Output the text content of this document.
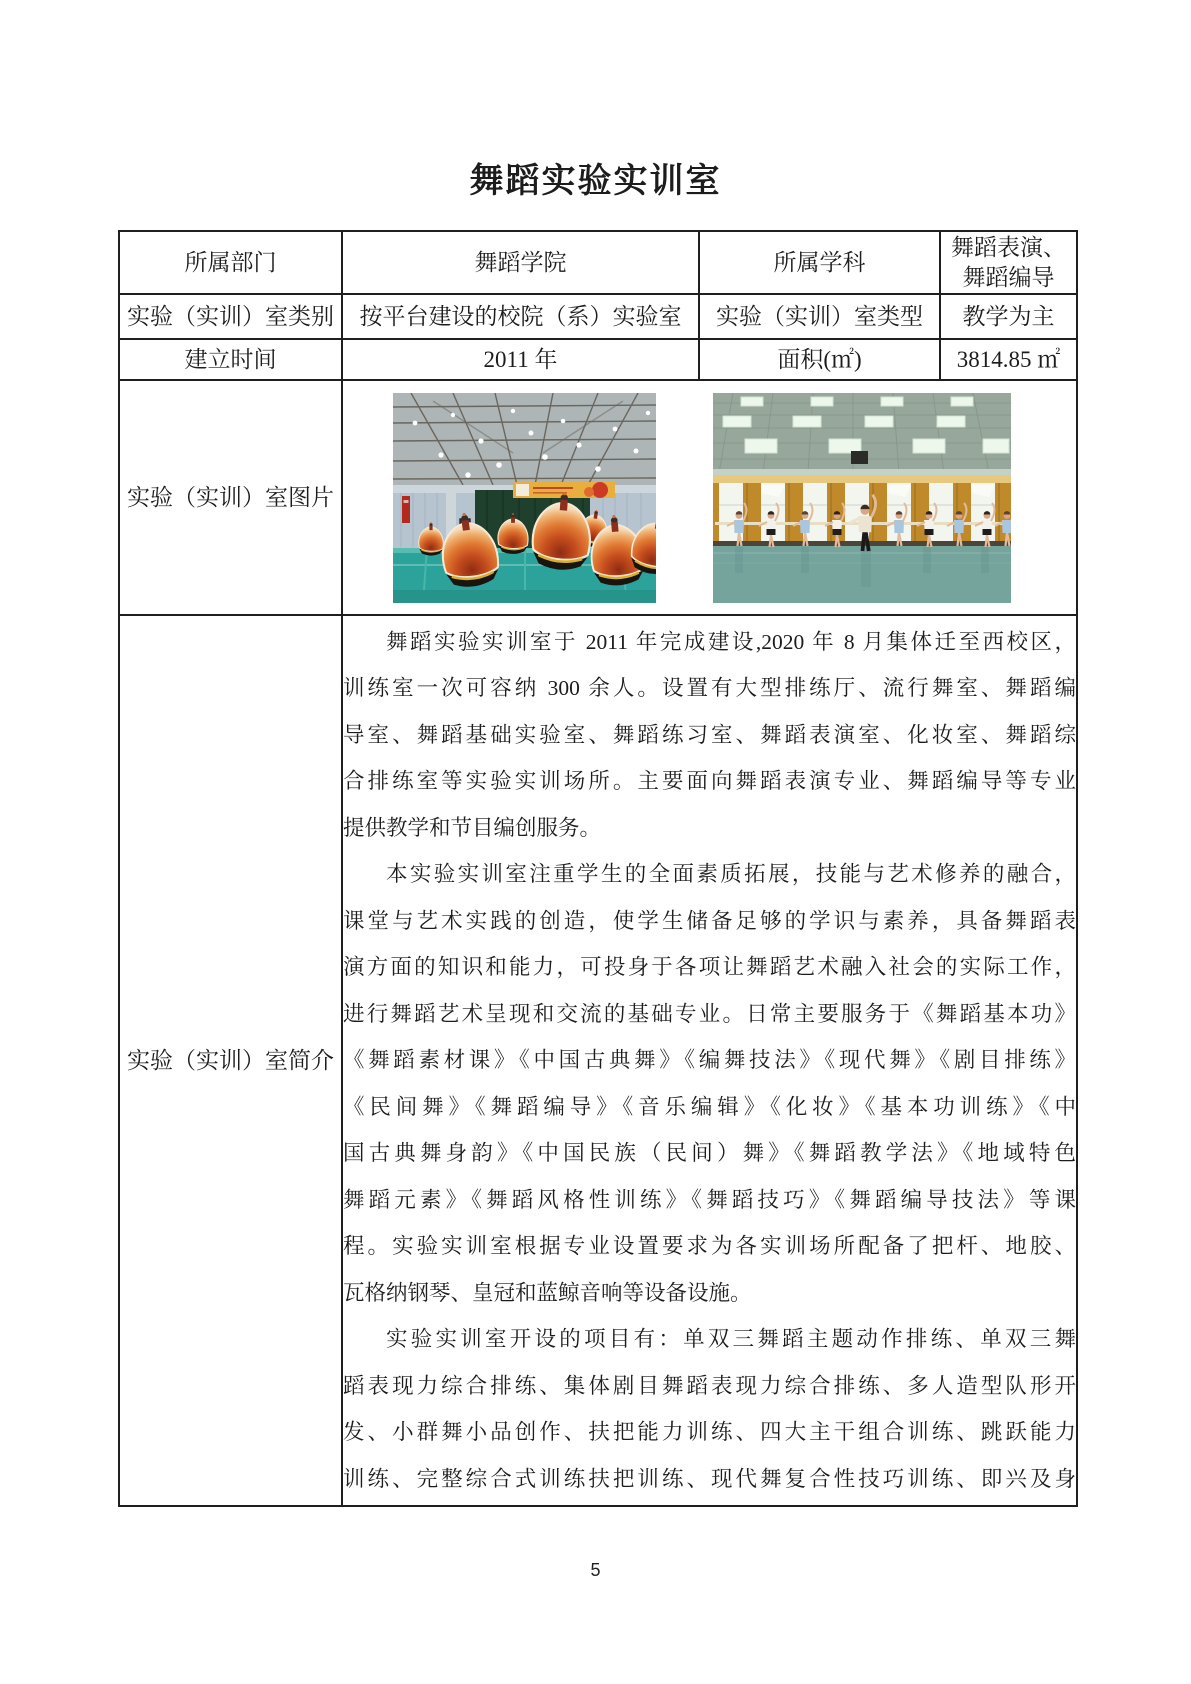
舞蹈实验实训室
所属部门	舞蹈学院	所属学科	舞蹈表演、舞蹈编导

实验（实训）室类别	按平台建设的校院（系）实验室	实验（实训）室类型	教学为主
建立时间	2011 年	面积(㎡)	3814.85 ㎡
实验（实训）室图片	

实验（实训）室简介	
舞蹈实验实训室于 2011 年完成建设,2020 年 8 月集体迁至西校区，
训练室一次可容纳 300 余人。设置有大型排练厅、流行舞室、舞蹈编
导室、舞蹈基础实验室、舞蹈练习室、舞蹈表演室、化妆室、舞蹈综
合排练室等实验实训场所。主要面向舞蹈表演专业、舞蹈编导等专业
提供教学和节目编创服务。
本实验实训室注重学生的全面素质拓展，技能与艺术修养的融合，
课堂与艺术实践的创造，使学生储备足够的学识与素养，具备舞蹈表
演方面的知识和能力，可投身于各项让舞蹈艺术融入社会的实际工作，
进行舞蹈艺术呈现和交流的基础专业。日常主要服务于《舞蹈基本功》
《舞蹈素材课》《中国古典舞》《编舞技法》《现代舞》《剧目排练》
《民间舞》《舞蹈编导》《音乐编辑》《化妆》《基本功训练》《中
国古典舞身韵》《中国民族（民间）舞》《舞蹈教学法》《地域特色
舞蹈元素》《舞蹈风格性训练》《舞蹈技巧》《舞蹈编导技法》等课
程。实验实训室根据专业设置要求为各实训场所配备了把杆、地胶、
瓦格纳钢琴、皇冠和蓝鲸音响等设备设施。
实验实训室开设的项目有：单双三舞蹈主题动作排练、单双三舞
蹈表现力综合排练、集体剧目舞蹈表现力综合排练、多人造型队形开
发、小群舞小品创作、扶把能力训练、四大主干组合训练、跳跃能力
训练、完整综合式训练扶把训练、现代舞复合性技巧训练、即兴及身
5
